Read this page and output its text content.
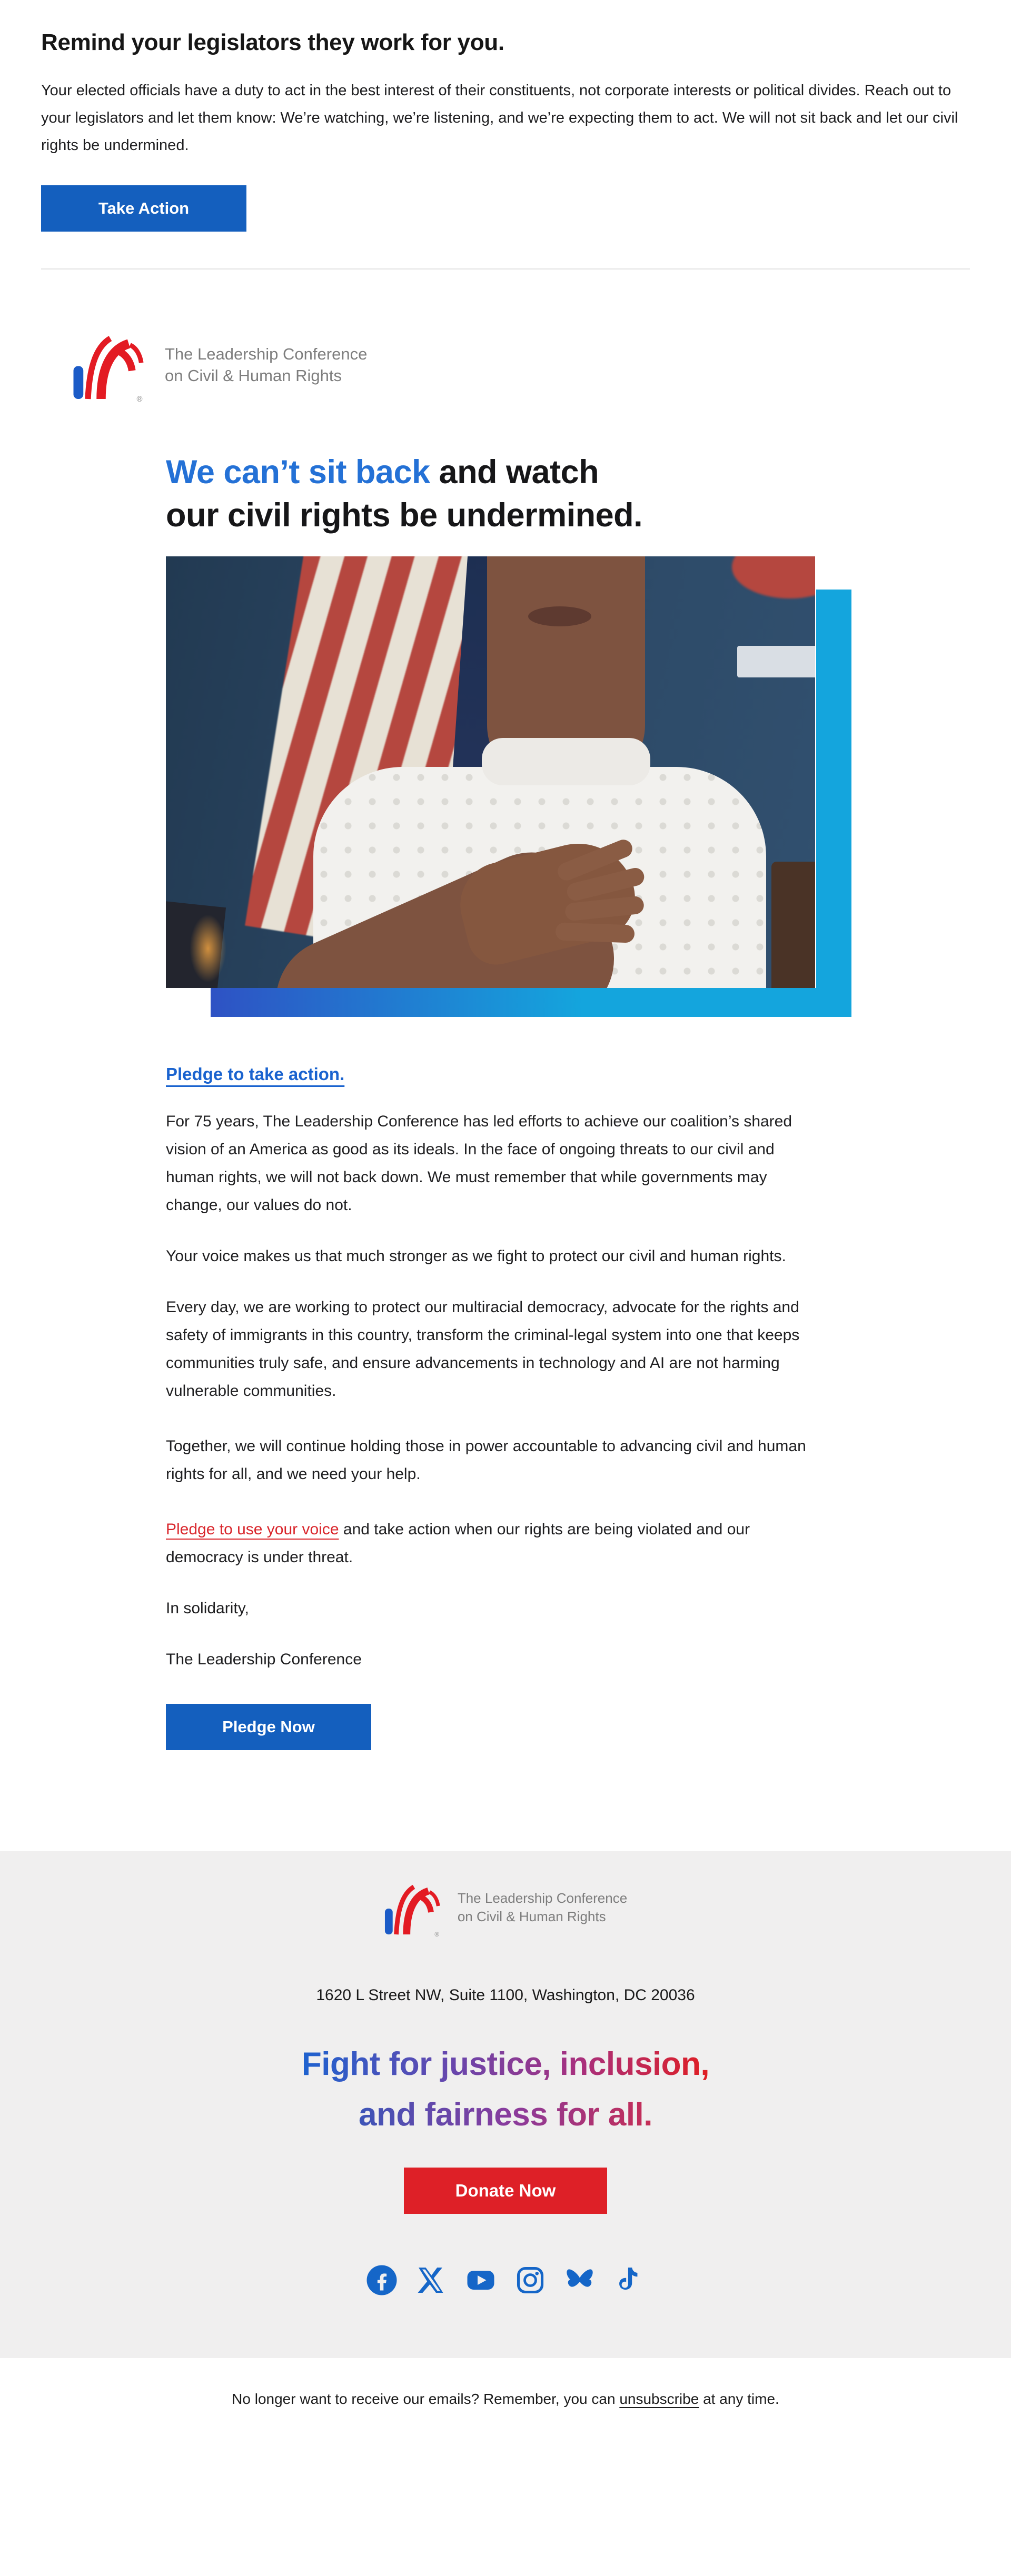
Remind your legislators they work for you.

Your elected officials have a duty to act in the best interest of their constituents, not corporate interests or political divides. Reach out to your legislators and let them know: We’re watching, we’re listening, and we’re expecting them to act. We will not sit back and let our civil rights be undermined.

Take Action
®
The Leadership Conference
on Civil & Human Rights
We can’t sit back and watch
our civil rights be undermined.
Pledge to take action.

For 75 years, The Leadership Conference has led efforts to achieve our coalition’s shared vision of an America as good as its ideals. In the face of ongoing threats to our civil and human rights, we will not back down. We must remember that while governments may change, our values do not.

Your voice makes us that much stronger as we fight to protect our civil and human rights.

Every day, we are working to protect our multiracial democracy, advocate for the rights and safety of immigrants in this country, transform the criminal-legal system into one that keeps communities truly safe, and ensure advancements in technology and AI are not harming vulnerable communities.

Together, we will continue holding those in power accountable to advancing civil and human rights for all, and we need your help.

Pledge to use your voice and take action when our rights are being violated and our democracy is under threat.

In solidarity,

The Leadership Conference

Pledge Now
®
The Leadership Conference
on Civil & Human Rights
1620 L Street NW, Suite 1100, Washington, DC 20036
Fight for justice, inclusion,
and fairness for all.
Donate Now
No longer want to receive our emails? Remember, you can unsubscribe at any time.
